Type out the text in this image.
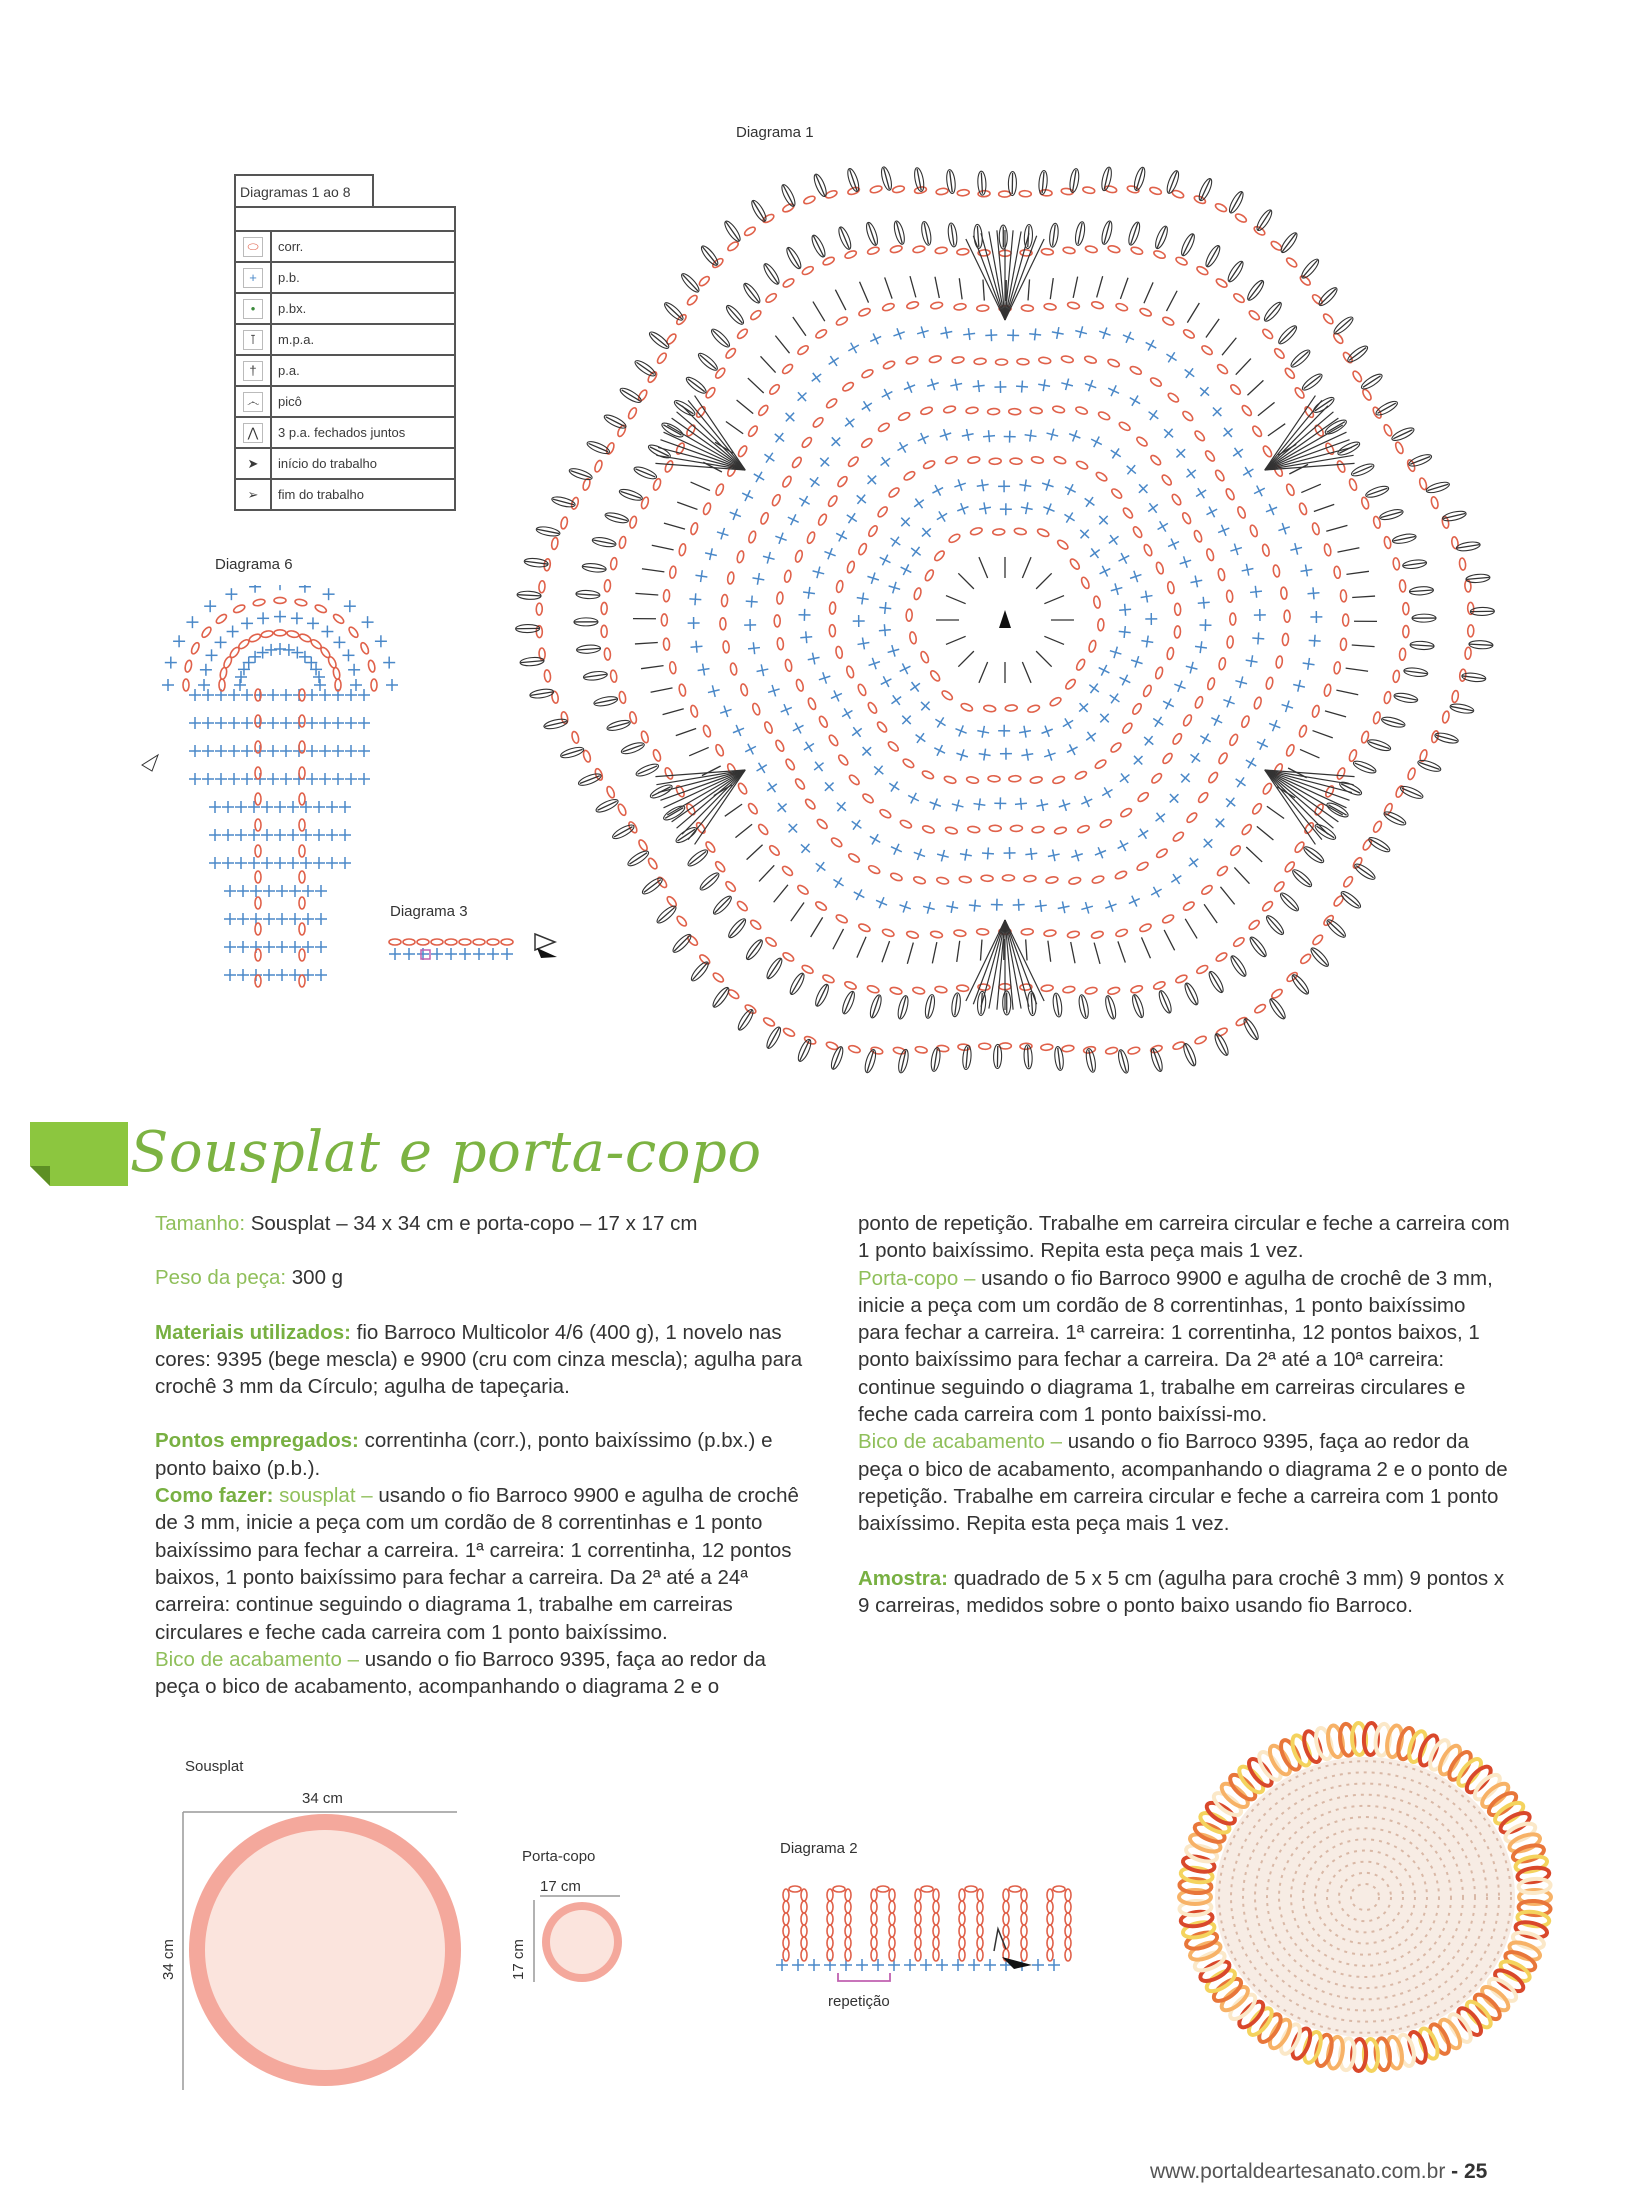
Diagrama 1
Diagramas 1 ao 8
⬭	corr.
+	p.b.
•	p.bx.
⊺	m.p.a.
†	p.a.
෴	picô
⋀	3 p.a. fechados juntos
➤	início do trabalho
➢	fim do trabalho
Diagrama 6
Diagrama 3
Sousplat e porta-copo

Tamanho: Sousplat – 34 x 34 cm e porta-copo – 17 x 17 cm

Peso da peça: 300 g

Materiais utilizados: fio Barroco Multicolor 4/6 (400 g), 1 novelo nas cores: 9395 (bege mescla) e 9900 (cru com cinza mescla); agulha para crochê 3 mm da Círculo; agulha de tapeçaria.

Pontos empregados: correntinha (corr.), ponto baixíssimo (p.bx.) e ponto baixo (p.b.).

Como fazer: sousplat – usando o fio Barroco 9900 e agulha de crochê de 3 mm, inicie a peça com um cordão de 8 correntinhas e 1 ponto baixíssimo para fechar a carreira. 1ª carreira: 1 correntinha, 12 pontos baixos, 1 ponto baixíssimo para fechar a carreira. Da 2ª até a 24ª carreira: continue seguindo o diagrama 1, trabalhe em carreiras circulares e feche cada carreira com 1 ponto baixíssimo.

Bico de acabamento – usando o fio Barroco 9395, faça ao redor da peça o bico de acabamento, acompanhando o diagrama 2 e o

ponto de repetição. Trabalhe em carreira circular e feche a carreira com 1 ponto baixíssimo. Repita esta peça mais 1 vez.

Porta-copo – usando o fio Barroco 9900 e agulha de crochê de 3 mm, inicie a peça com um cordão de 8 correntinhas, 1 ponto baixíssimo para fechar a carreira. 1ª carreira: 1 correntinha, 12 pontos baixos, 1 ponto baixíssimo para fechar a carreira. Da 2ª até a 10ª carreira: continue seguindo o diagrama 1, trabalhe em carreiras circulares e feche cada carreira com 1 ponto baixíssi-mo.

Bico de acabamento – usando o fio Barroco 9395, faça ao redor da peça o bico de acabamento, acompanhando o diagrama 2 e o ponto de repetição. Trabalhe em carreira circular e feche a carreira com 1 ponto baixíssimo. Repita esta peça mais 1 vez.

Amostra: quadrado de 5 x 5 cm (agulha para crochê 3 mm) 9 pontos x 9 carreiras, medidos sobre o ponto baixo usando fio Barroco.

Sousplat
34 cm
34 cm
Porta-copo
17 cm
17 cm
Diagrama 2
repetição
www.portaldeartesanato.com.br - 25
